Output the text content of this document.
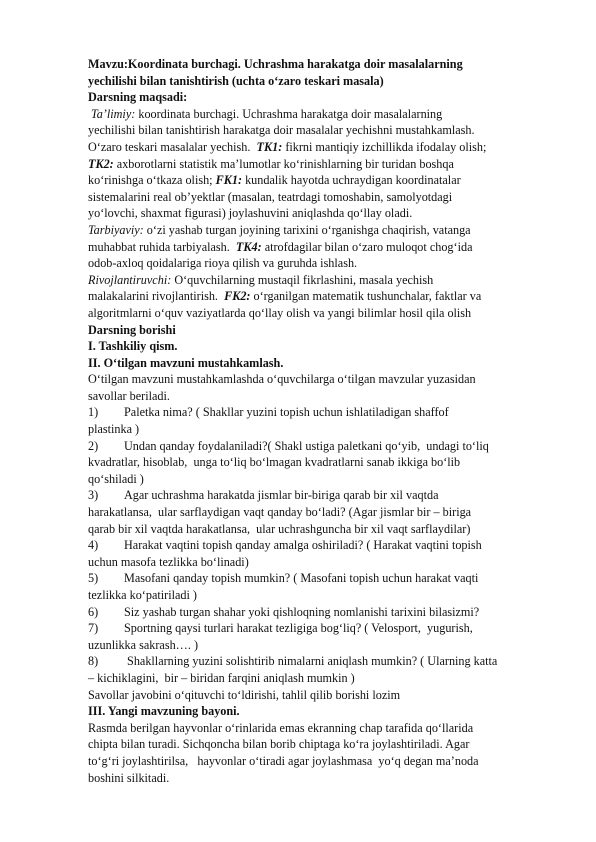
Mavzu:Koordinata burchagi. Uchrashma harakatga doir masalalarning
yechilishi bilan tanishtirish (uchta o‘zaro teskari masala)
Darsning maqsadi:
Ta’limiy: koordinata burchagi. Uchrashma harakatga doir masalalarning
yechilishi bilan tanishtirish harakatga doir masalalar yechishni mustahkamlash.
O‘zaro teskari masalalar yechish.  TK1: fikrni mantiqiy izchillikda ifodalay olish;
TK2: axborotlarni statistik ma’lumotlar ko‘rinishlarning bir turidan boshqa
ko‘rinishga o‘tkaza olish; FK1: kundalik hayotda uchraydigan koordinatalar
sistemalarini real ob’yektlar (masalan, teatrdagi tomoshabin, samolyotdagi
yo‘lovchi, shaxmat figurasi) joylashuvini aniqlashda qo‘llay oladi.
Tarbiyaviy: o‘zi yashab turgan joyining tarixini o‘rganishga chaqirish, vatanga
muhabbat ruhida tarbiyalash.  TK4: atrofdagilar bilan o‘zaro muloqot chog‘ida
odob-axloq qoidalariga rioya qilish va guruhda ishlash.
Rivojlantiruvchi: O‘quvchilarning mustaqil fikrlashini, masala yechish
malakalarini rivojlantirish.  FK2: o‘rganilgan matematik tushunchalar, faktlar va
algoritmlarni o‘quv vaziyatlarda qo‘llay olish va yangi bilimlar hosil qila olish
Darsning borishi
I. Tashkiliy qism.
II. O‘tilgan mavzuni mustahkamlash.
O‘tilgan mavzuni mustahkamlashda o‘quvchilarga o‘tilgan mavzular yuzasidan
savollar beriladi.
1) Paletka nima? ( Shakllar yuzini topish uchun ishlatiladigan shaffof
plastinka )
2) Undan qanday foydalaniladi?( Shakl ustiga paletkani qo‘yib,  undagi to‘liq
kvadratlar, hisoblab,  unga to‘liq bo‘lmagan kvadratlarni sanab ikkiga bo‘lib
qo‘shiladi )
3) Agar uchrashma harakatda jismlar bir-biriga qarab bir xil vaqtda
harakatlansa,  ular sarflaydigan vaqt qanday bo‘ladi? (Agar jismlar bir – biriga
qarab bir xil vaqtda harakatlansa,  ular uchrashguncha bir xil vaqt sarflaydilar)
4) Harakat vaqtini topish qanday amalga oshiriladi? ( Harakat vaqtini topish
uchun masofa tezlikka bo‘linadi)
5) Masofani qanday topish mumkin? ( Masofani topish uchun harakat vaqti
tezlikka ko‘patiriladi )
6) Siz yashab turgan shahar yoki qishloqning nomlanishi tarixini bilasizmi?
7) Sportning qaysi turlari harakat tezligiga bog‘liq? ( Velosport,  yugurish,
uzunlikka sakrash…. )
8) Shakllarning yuzini solishtirib nimalarni aniqlash mumkin? ( Ularning katta
– kichiklagini,  bir – biridan farqini aniqlash mumkin )
Savollar javobini o‘qituvchi to‘ldirishi, tahlil qilib borishi lozim
III. Yangi mavzuning bayoni.
Rasmda berilgan hayvonlar o‘rinlarida emas ekranning chap tarafida qo‘llarida
chipta bilan turadi. Sichqoncha bilan borib chiptaga ko‘ra joylashtiriladi. Agar
to‘g‘ri joylashtirilsa,   hayvonlar o‘tiradi agar joylashmasa  yo‘q degan ma’noda
boshini silkitadi.
